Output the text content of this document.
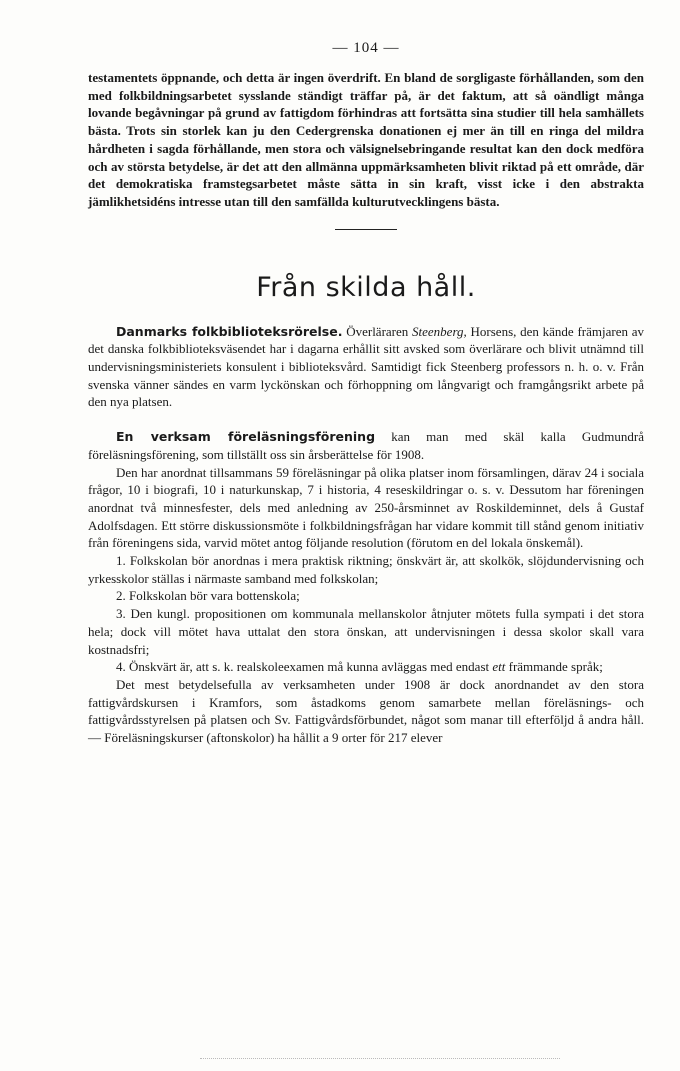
— 104 —

testamentets öppnande, och detta är ingen överdrift. En bland de sorgligaste förhållanden, som den med folkbildningsarbetet sysslande ständigt träffar på, är det faktum, att så oändligt många lovande begåvningar på grund av fattigdom förhindras att fortsätta sina studier till hela samhällets bästa. Trots sin storlek kan ju den Cedergrenska donationen ej mer än till en ringa del mildra hårdheten i sagda förhållande, men stora och välsignelsebringande resultat kan den dock medföra och av största betydelse, är det att den allmänna uppmärksamheten blivit riktad på ett område, där det demokratiska framstegsarbetet måste sätta in sin kraft, visst icke i den abstrakta jämlikhetsidéns intresse utan till den samfällda kulturutvecklingens bästa.

Från skilda håll.

Danmarks folkbiblioteksrörelse. Överläraren Steenberg, Horsens, den kände främjaren av det danska folkbiblioteksväsendet har i dagarna erhållit sitt avsked som överlärare och blivit utnämnd till undervisningsministeriets konsulent i biblioteksvård. Samtidigt fick Steenberg professors n. h. o. v. Från svenska vänner sändes en varm lyckönskan och förhoppning om långvarigt och framgångsrikt arbete på den nya platsen.

En verksam föreläsningsförening kan man med skäl kalla Gudmundrå föreläsningsförening, som tillställt oss sin årsberättelse för 1908.

Den har anordnat tillsammans 59 föreläsningar på olika platser inom församlingen, därav 24 i sociala frågor, 10 i biografi, 10 i naturkunskap, 7 i historia, 4 reseskildringar o. s. v. Dessutom har föreningen anordnat två minnesfester, dels med anledning av 250-årsminnet av Roskildeminnet, dels å Gustaf Adolfsdagen. Ett större diskussionsmöte i folkbildningsfrågan har vidare kommit till stånd genom initiativ från föreningens sida, varvid mötet antog följande resolution (förutom en del lokala önskemål).

1. Folkskolan bör anordnas i mera praktisk riktning; önskvärt är, att skolkök, slöjdundervisning och yrkesskolor ställas i närmaste samband med folkskolan;

2. Folkskolan bör vara bottenskola;

3. Den kungl. propositionen om kommunala mellanskolor åtnjuter mötets fulla sympati i det stora hela; dock vill mötet hava uttalat den stora önskan, att undervisningen i dessa skolor skall vara kostnadsfri;

4. Önskvärt är, att s. k. realskoleexamen må kunna avläggas med endast ett främmande språk;

Det mest betydelsefulla av verksamheten under 1908 är dock anordnandet av den stora fattigvårdskursen i Kramfors, som åstadkoms genom samarbete mellan föreläsnings- och fattigvårdsstyrelsen på platsen och Sv. Fattigvårdsförbundet, något som manar till efterföljd å andra håll. — Föreläsningskurser (aftonskolor) ha hållit a 9 orter för 217 elever
